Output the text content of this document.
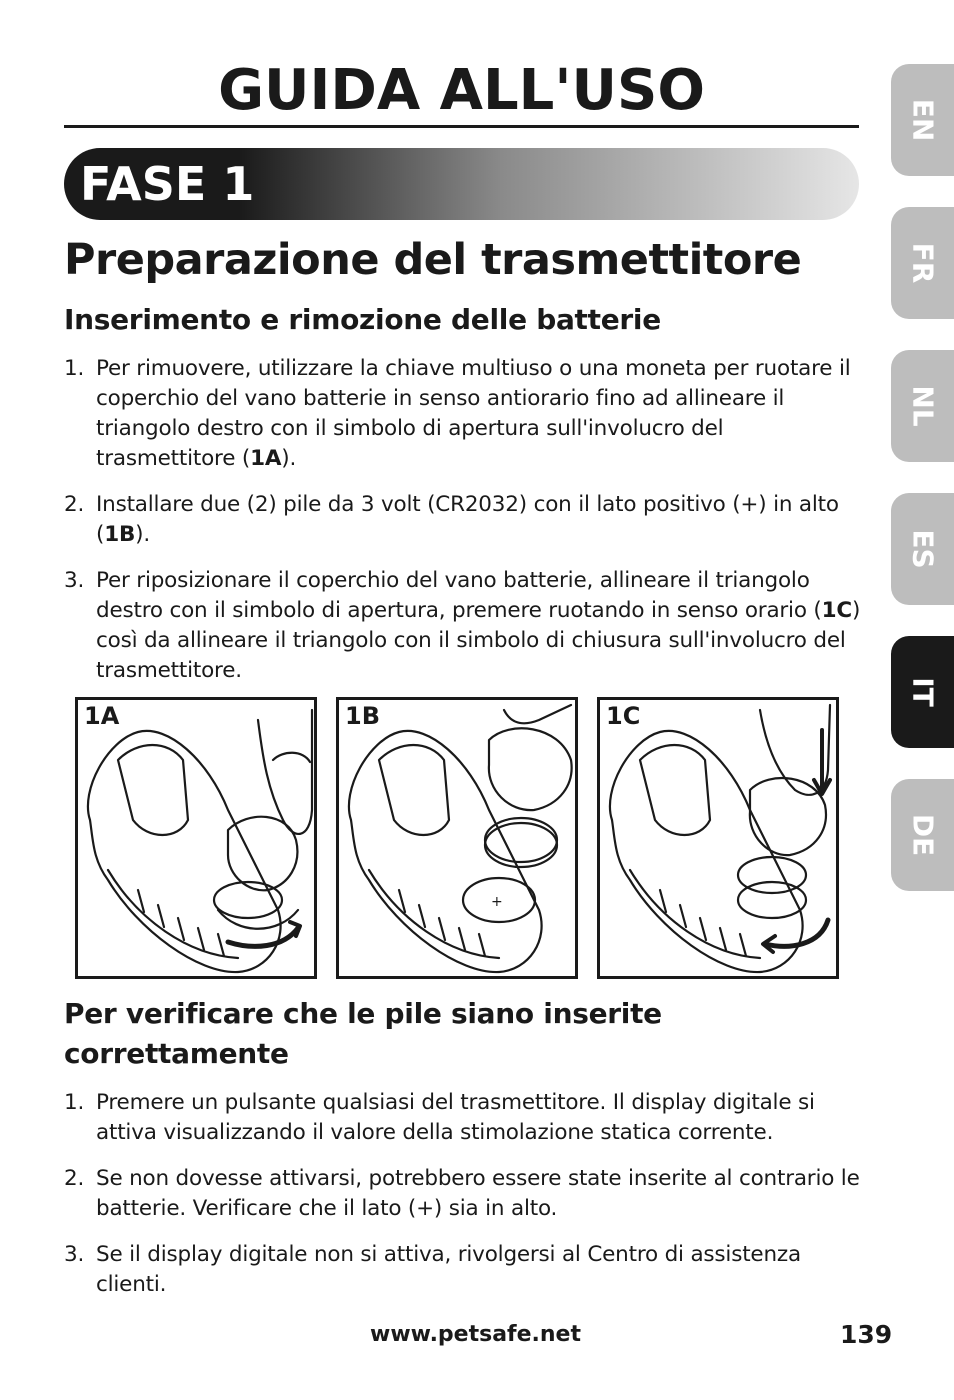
GUIDA ALL'USO
FASE 1
Preparazione del trasmettitore
Inserimento e rimozione delle batterie
1. Per rimuovere, utilizzare la chiave multiuso o una moneta per ruotare il coperchio del vano batterie in senso antiorario fino ad allineare il triangolo destro con il simbolo di apertura sull'involucro del trasmettitore (1A).
2. Installare due (2) pile da 3 volt (CR2032) con il lato positivo (+) in alto (1B).
3. Per riposizionare il coperchio del vano batterie, allineare il triangolo destro con il simbolo di apertura, premere ruotando in senso orario (1C) così da allineare il triangolo con il simbolo di chiusura sull'involucro del trasmettitore.
1A	1B
+
1C
Per verificare che le pile siano inserite correttamente
1. Premere un pulsante qualsiasi del trasmettitore. Il display digitale si attiva visualizzando il valore della stimolazione statica corrente.
2. Se non dovesse attivarsi, potrebbero essere state inserite al contrario le batterie. Verificare che il lato (+) sia in alto.
3. Se il display digitale non si attiva, rivolgersi al Centro di assistenza clienti.
EN
FR
NL
ES
IT
DE
www.petsafe.net	139
